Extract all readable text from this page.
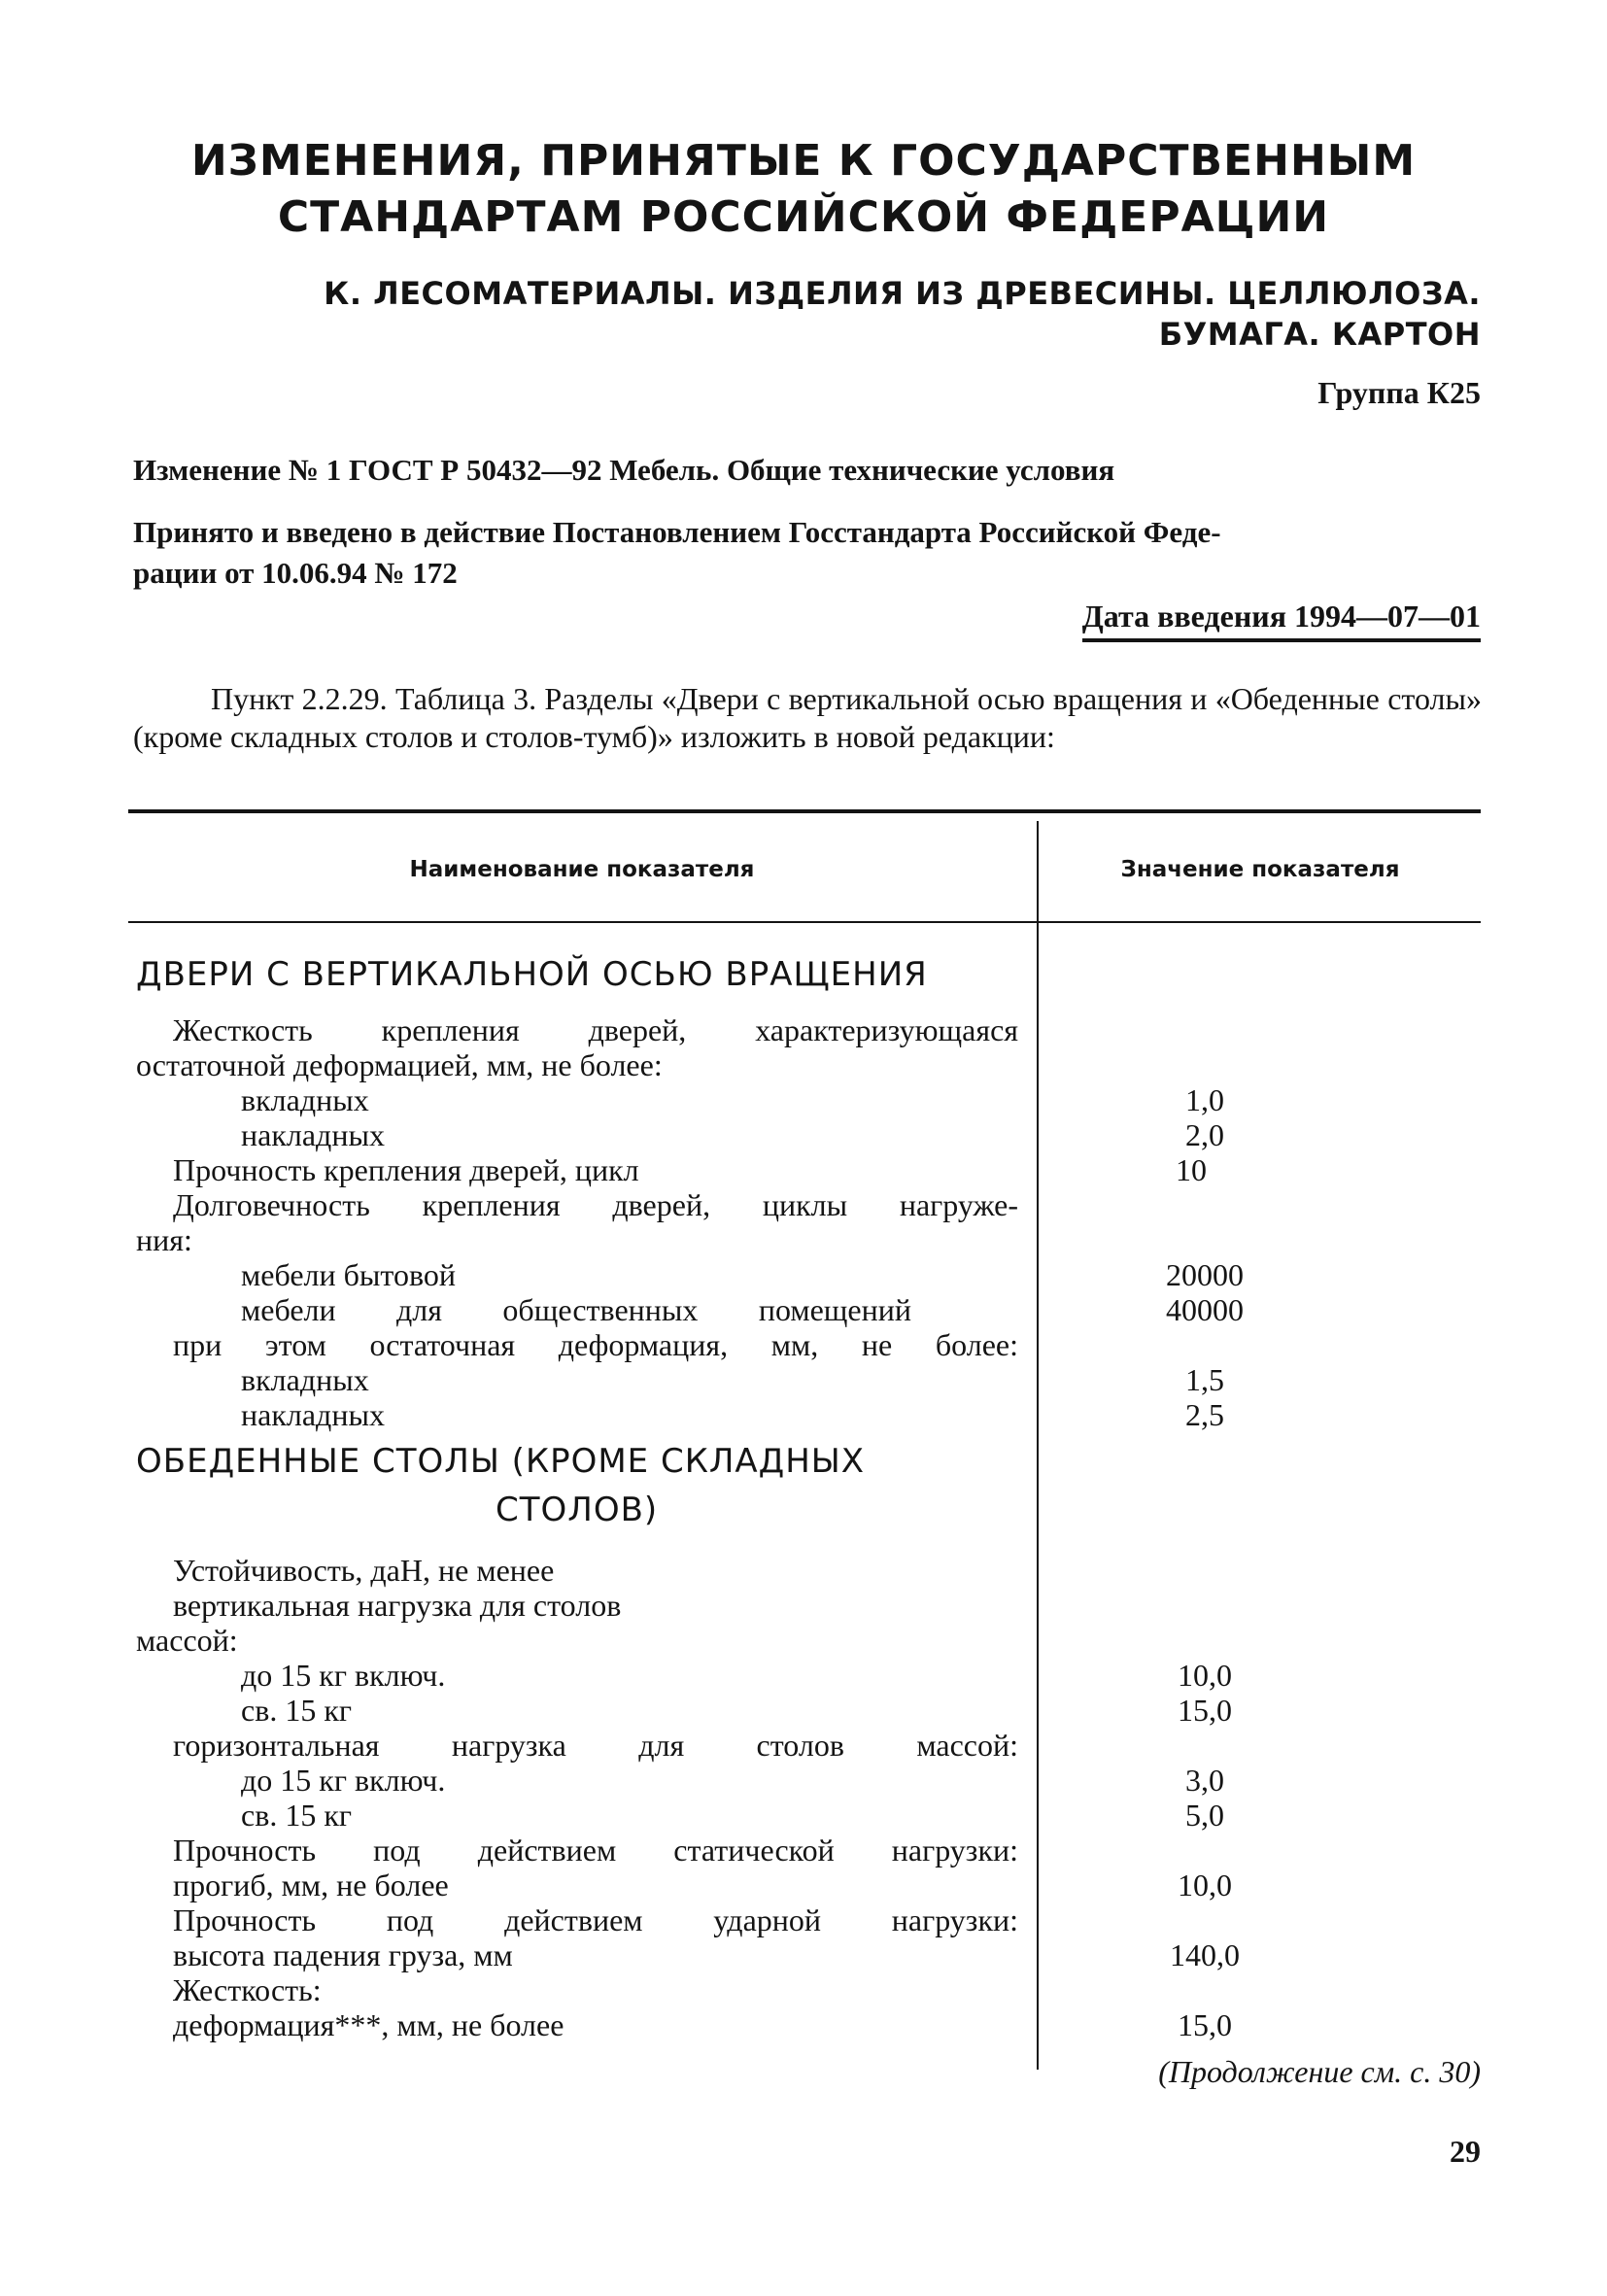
ИЗМЕНЕНИЯ, ПРИНЯТЫЕ К ГОСУДАРСТВЕННЫМ
СТАНДАРТАМ РОССИЙСКОЙ ФЕДЕРАЦИИ
К. ЛЕСОМАТЕРИАЛЫ. ИЗДЕЛИЯ ИЗ ДРЕВЕСИНЫ. ЦЕЛЛЮЛОЗА.
БУМАГА. КАРТОН
Группа К25
Изменение № 1 ГОСТ Р 50432—92 Мебель. Общие технические условия
Принято и введено в действие Постановлением Госстандарта Российской Феде-
рации от 10.06.94 № 172
Дата введения 1994—07—01
Пункт 2.2.29. Таблица 3. Разделы «Двери с вертикальной осью вращения и «Обеденные столы» (кроме складных столов и столов-тумб)» изложить в новой редакции:
Наименование показателя	Значение показателя
ДВЕРИ С ВЕРТИКАЛЬНОЙ ОСЬЮ ВРАЩЕНИЯ
Жесткость крепления дверей, характеризующаяся
остаточной деформацией, мм, не более:
вкладных	1,0
накладных	2,0
Прочность крепления дверей, цикл	10
Долговечность крепления дверей, циклы нагруже-
ния:
мебели бытовой	20000
мебели для общественных помещений	40000
при этом остаточная деформация, мм, не более:
вкладных	1,5
накладных	2,5
ОБЕДЕННЫЕ СТОЛЫ (КРОМЕ СКЛАДНЫХ
СТОЛОВ)
Устойчивость, даН, не менее
вертикальная нагрузка для столов
массой:
до 15 кг включ.	10,0
св. 15 кг	15,0
горизонтальная нагрузка для столов массой:
до 15 кг включ.	3,0
св. 15 кг	5,0
Прочность под действием статической нагрузки:
прогиб, мм, не более	10,0
Прочность под действием ударной нагрузки:
высота падения груза, мм	140,0
Жесткость:
деформация***, мм, не более	15,0
(Продолжение см. с. 30)
29
